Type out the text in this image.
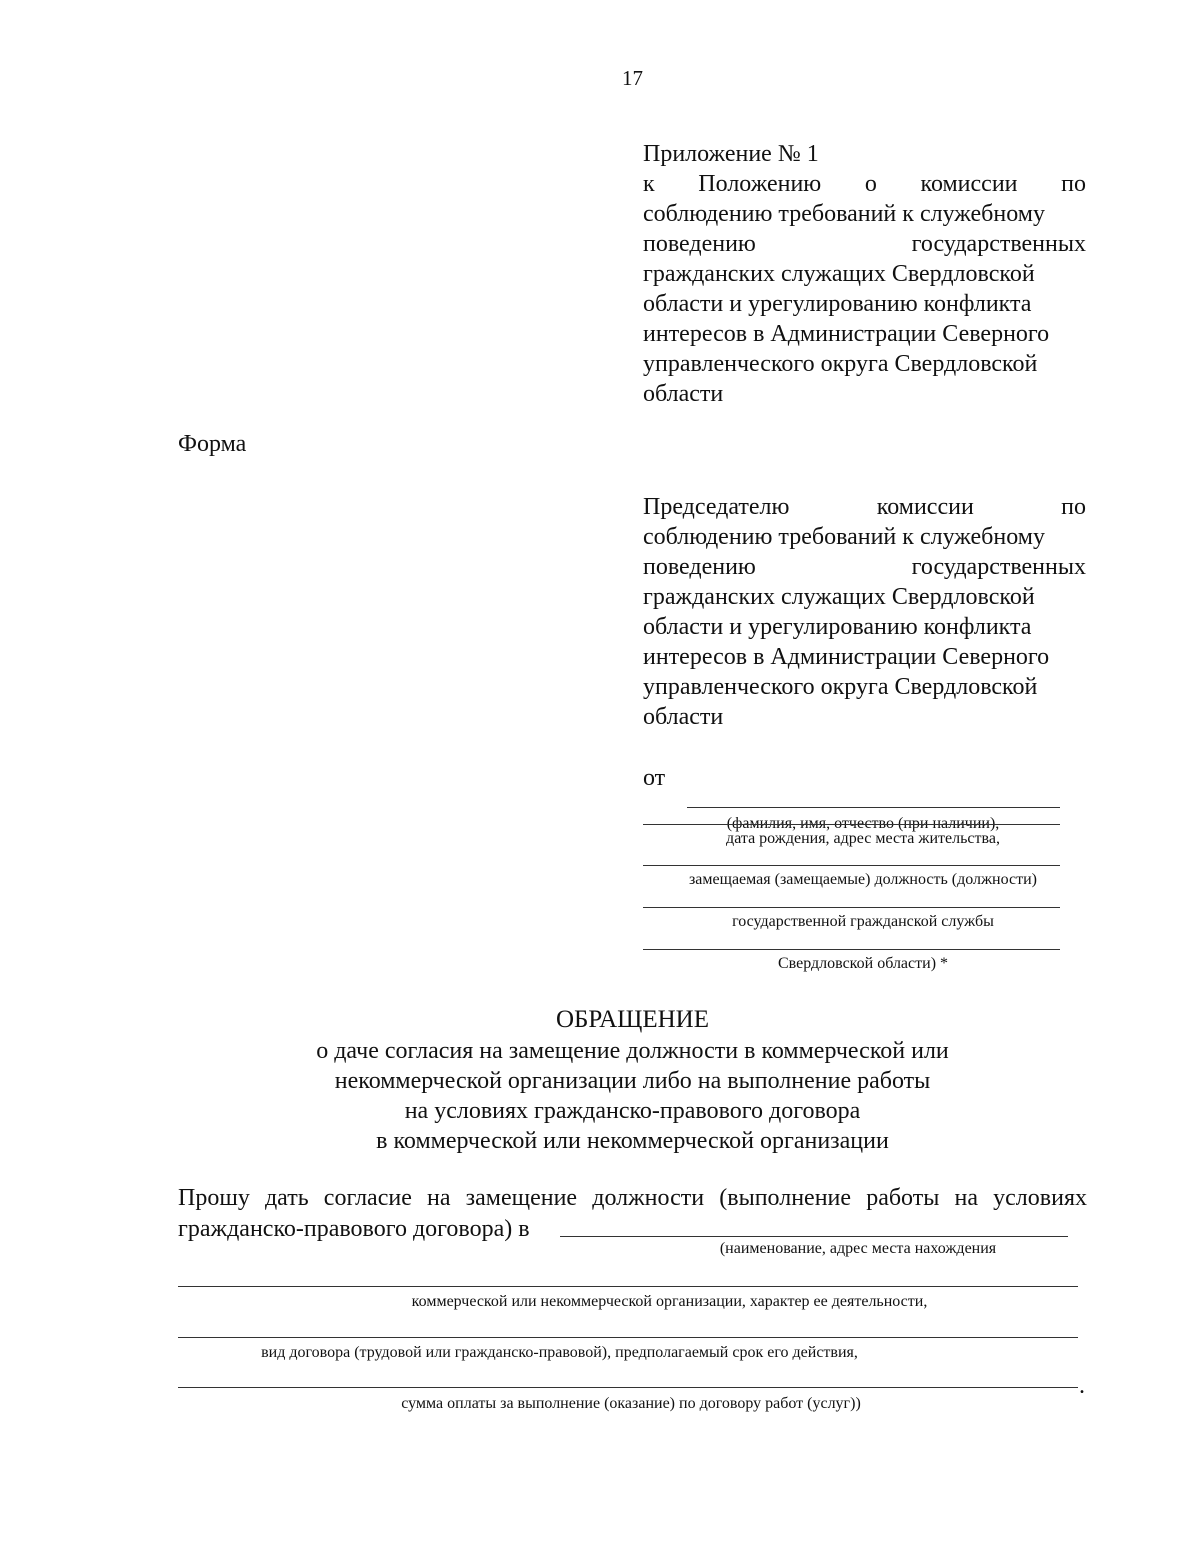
17
Приложение № 1
к Положению о комиссии по
соблюдению требований к служебному
поведению государственных
гражданских служащих Свердловской
области и урегулированию конфликта
интересов в Администрации Северного
управленческого округа Свердловской
области
Форма
Председателю комиссии по
соблюдению требований к служебному
поведению государственных
гражданских служащих Свердловской
области и урегулированию конфликта
интересов в Администрации Северного
управленческого округа Свердловской
области
от
(фамилия, имя, отчество (при наличии),
дата рождения, адрес места жительства,
замещаемая (замещаемые) должность (должности)
государственной гражданской службы
Свердловской области) *
ОБРАЩЕНИЕ
о даче согласия на замещение должности в коммерческой или
некоммерческой организации либо на выполнение работы
на условиях гражданско-правового договора
в коммерческой или некоммерческой организации
Прошу дать согласие на замещение должности (выполнение работы на условиях
гражданско-правового договора) в
(наименование, адрес места нахождения
коммерческой или некоммерческой организации, характер ее деятельности,
вид договора (трудовой или гражданско-правовой), предполагаемый срок его действия,
.
сумма оплаты за выполнение (оказание) по договору работ (услуг))
